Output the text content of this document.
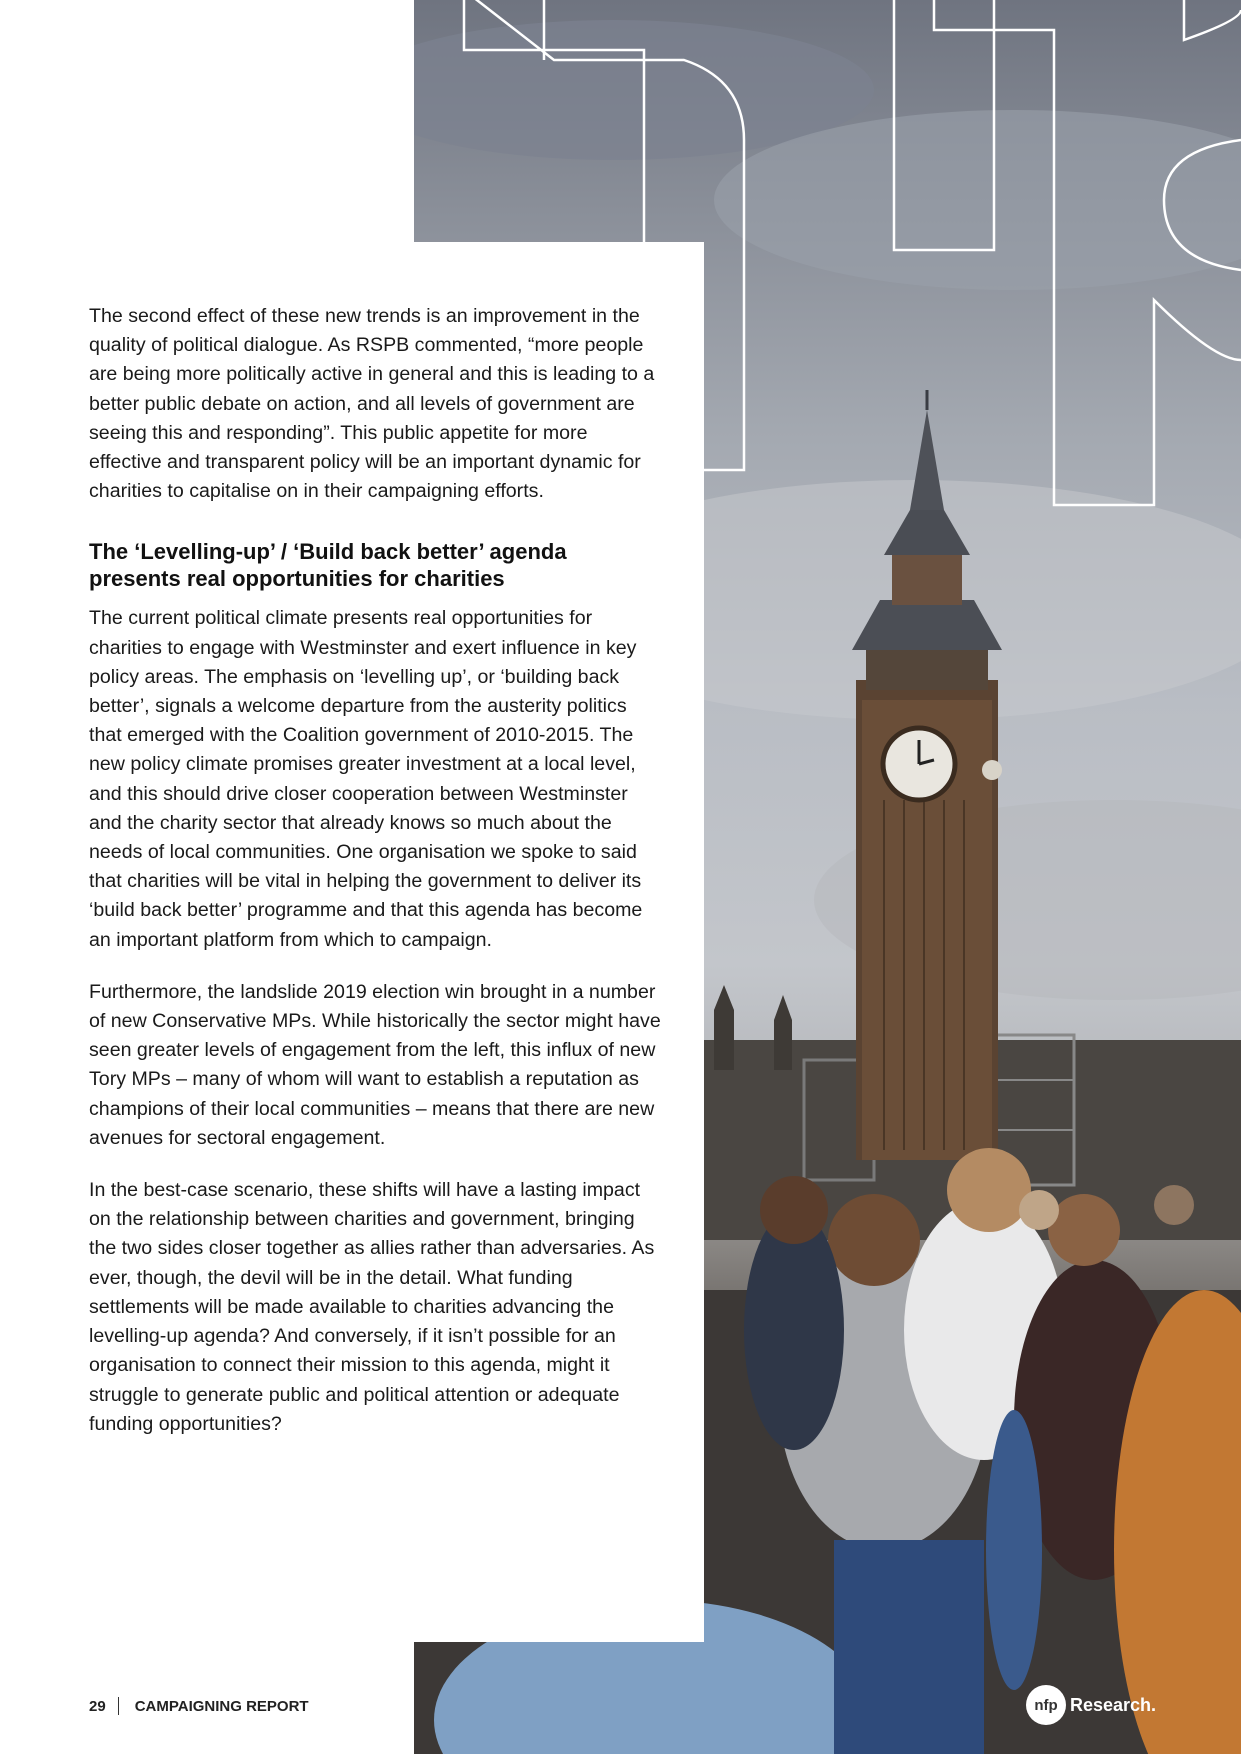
The second effect of these new trends is an improvement in the quality of political dialogue. As RSPB commented, “more people are being more politically active in general and this is leading to a better public debate on action, and all levels of government are seeing this and responding”. This public appetite for more effective and transparent policy will be an important dynamic for charities to capitalise on in their campaigning efforts.

The ‘Levelling-up’ / ‘Build back better’ agenda presents real opportunities for charities

The current political climate presents real opportunities for charities to engage with Westminster and exert influence in key policy areas. The emphasis on ‘levelling up’, or ‘building back better’, signals a welcome departure from the austerity politics that emerged with the Coalition government of 2010-2015. The new policy climate promises greater investment at a local level, and this should drive closer cooperation between Westminster and the charity sector that already knows so much about the needs of local communities. One organisation we spoke to said that charities will be vital in helping the government to deliver its ‘build back better’ programme and that this agenda has become an important platform from which to campaign.

Furthermore, the landslide 2019 election win brought in a number of new Conservative MPs. While historically the sector might have seen greater levels of engagement from the left, this influx of new Tory MPs – many of whom will want to establish a reputation as champions of their local communities – means that there are new avenues for sectoral engagement.

In the best-case scenario, these shifts will have a lasting impact on the relationship between charities and government, bringing the two sides closer together as allies rather than adversaries. As ever, though, the devil will be in the detail. What funding settlements will be made available to charities advancing the levelling-up agenda? And conversely, if it isn’t possible for an organisation to connect their mission to this agenda, might it struggle to generate public and political attention or adequate funding opportunities?

29 CAMPAIGNING REPORT	nfp Research.
